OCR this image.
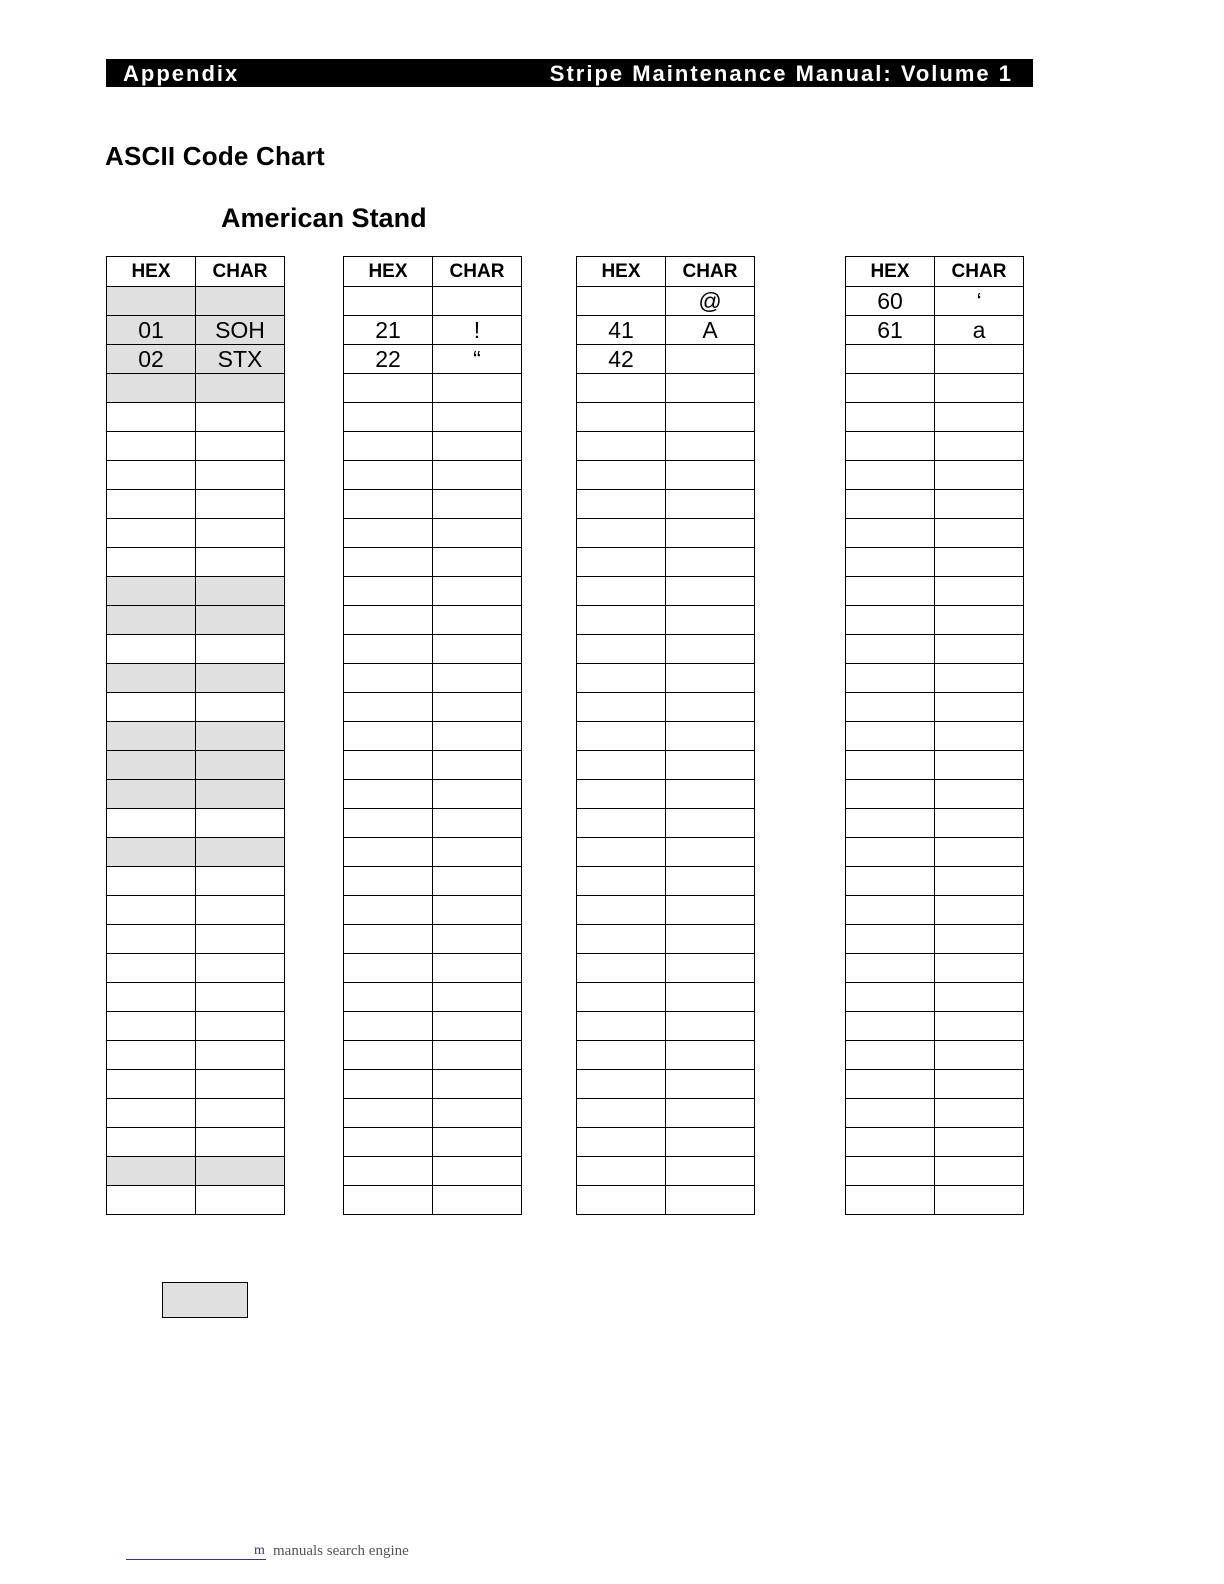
Appendix	Stripe Maintenance Manual: Volume 1
ASCII Code Chart
American Stand
HEX	CHAR

01	SOH
02	STX

HEX	CHAR

21	!
22	“

HEX	CHAR
	@
41	A
42	

HEX	CHAR
60	‘
61	a

m manuals search engine
